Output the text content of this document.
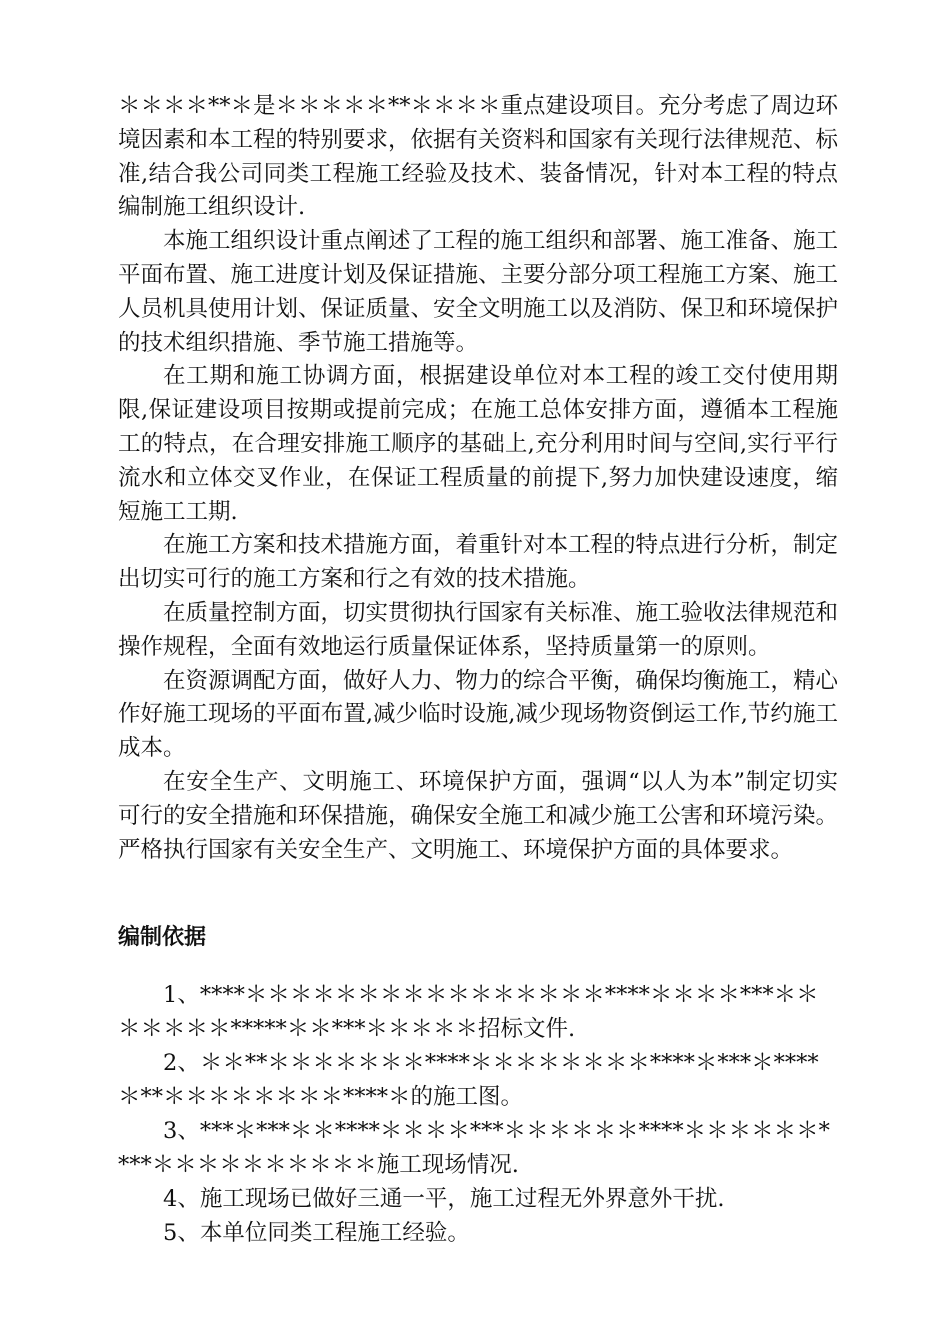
＊＊＊＊**＊是＊＊＊＊＊**＊＊＊＊重点建设项目。充分考虑了周边环境因素和本工程的特别要求，依据有关资料和国家有关现行法律规范、标准,结合我公司同类工程施工经验及技术、装备情况，针对本工程的特点编制施工组织设计.

本施工组织设计重点阐述了工程的施工组织和部署、施工准备、施工平面布置、施工进度计划及保证措施、主要分部分项工程施工方案、施工人员机具使用计划、保证质量、安全文明施工以及消防、保卫和环境保护的技术组织措施、季节施工措施等。

在工期和施工协调方面，根据建设单位对本工程的竣工交付使用期限,保证建设项目按期或提前完成；在施工总体安排方面，遵循本工程施工的特点，在合理安排施工顺序的基础上,充分利用时间与空间,实行平行流水和立体交叉作业，在保证工程质量的前提下,努力加快建设速度，缩短施工工期.

在施工方案和技术措施方面，着重针对本工程的特点进行分析，制定出切实可行的施工方案和行之有效的技术措施。

在质量控制方面，切实贯彻执行国家有关标准、施工验收法律规范和操作规程，全面有效地运行质量保证体系，坚持质量第一的原则。

在资源调配方面，做好人力、物力的综合平衡，确保均衡施工，精心作好施工现场的平面布置,减少临时设施,减少现场物资倒运工作,节约施工成本。

在安全生产、文明施工、环境保护方面，强调“以人为本”制定切实可行的安全措施和环保措施，确保安全施工和减少施工公害和环境污染。严格执行国家有关安全生产、文明施工、环境保护方面的具体要求。

编制依据

1、****＊＊＊＊＊＊＊＊＊＊＊＊＊＊＊＊****＊＊＊＊***＊＊＊＊＊＊＊*****＊＊***＊＊＊＊＊招标文件.

2、＊＊**＊＊＊＊＊＊＊****＊＊＊＊＊＊＊＊****＊***＊****＊**＊＊＊＊＊＊＊＊****＊的施工图。

3、***＊***＊＊****＊＊＊＊***＊＊＊＊＊＊****＊＊＊＊＊＊****＊＊＊＊＊＊＊＊＊＊施工现场情况.

4、施工现场已做好三通一平，施工过程无外界意外干扰.

5、本单位同类工程施工经验。
